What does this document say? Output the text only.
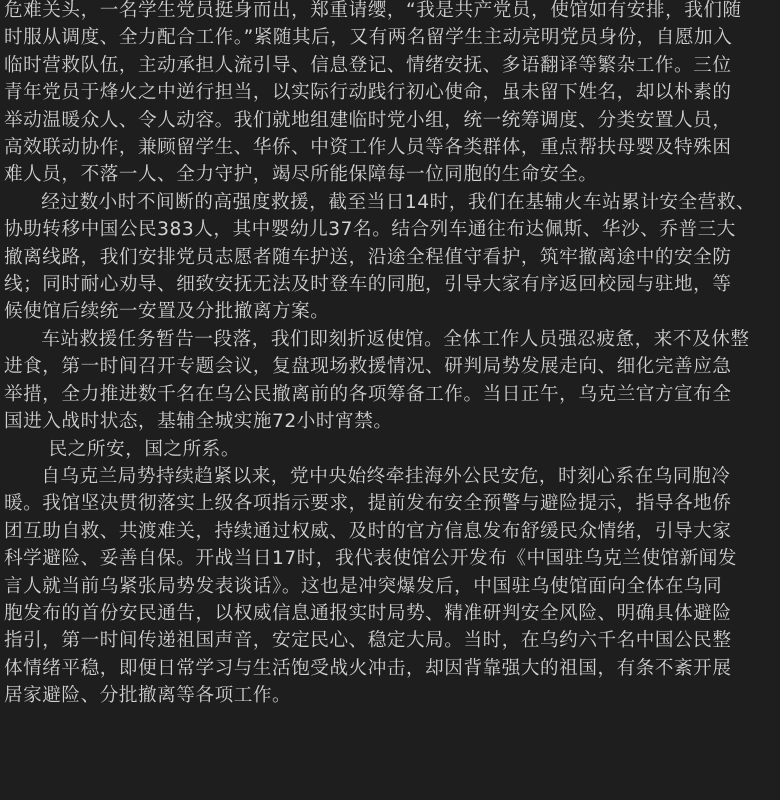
危难关头，一名学生党员挺身而出，郑重请缨，“我是共产党员，使馆如有安排，我们随
时服从调度、全力配合工作。”紧随其后，又有两名留学生主动亮明党员身份，自愿加入
临时营救队伍，主动承担人流引导、信息登记、情绪安抚、多语翻译等繁杂工作。三位
青年党员于烽火之中逆行担当，以实际行动践行初心使命，虽未留下姓名，却以朴素的
举动温暖众人、令人动容。我们就地组建临时党小组，统一统筹调度、分类安置人员，
高效联动协作，兼顾留学生、华侨、中资工作人员等各类群体，重点帮扶母婴及特殊困
难人员，不落一人、全力守护，竭尽所能保障每一位同胞的生命安全。

经过数小时不间断的高强度救援，截至当日14时，我们在基辅火车站累计安全营救、
协助转移中国公民383人，其中婴幼儿37名。结合列车通往布达佩斯、华沙、乔普三大
撤离线路，我们安排党员志愿者随车护送，沿途全程值守看护，筑牢撤离途中的安全防
线；同时耐心劝导、细致安抚无法及时登车的同胞，引导大家有序返回校园与驻地，等
候使馆后续统一安置及分批撤离方案。

车站救援任务暂告一段落，我们即刻折返使馆。全体工作人员强忍疲惫，来不及休整
进食，第一时间召开专题会议，复盘现场救援情况、研判局势发展走向、细化完善应急
举措，全力推进数千名在乌公民撤离前的各项筹备工作。当日正午，乌克兰官方宣布全
国进入战时状态，基辅全城实施72小时宵禁。

民之所安，国之所系。

自乌克兰局势持续趋紧以来，党中央始终牵挂海外公民安危，时刻心系在乌同胞冷
暖。我馆坚决贯彻落实上级各项指示要求，提前发布安全预警与避险提示，指导各地侨
团互助自救、共渡难关，持续通过权威、及时的官方信息发布舒缓民众情绪，引导大家
科学避险、妥善自保。开战当日17时，我代表使馆公开发布《中国驻乌克兰使馆新闻发
言人就当前乌紧张局势发表谈话》。这也是冲突爆发后，中国驻乌使馆面向全体在乌同
胞发布的首份安民通告，以权威信息通报实时局势、精准研判安全风险、明确具体避险
指引，第一时间传递祖国声音，安定民心、稳定大局。当时，在乌约六千名中国公民整
体情绪平稳，即便日常学习与生活饱受战火冲击，却因背靠强大的祖国，有条不紊开展
居家避险、分批撤离等各项工作。
